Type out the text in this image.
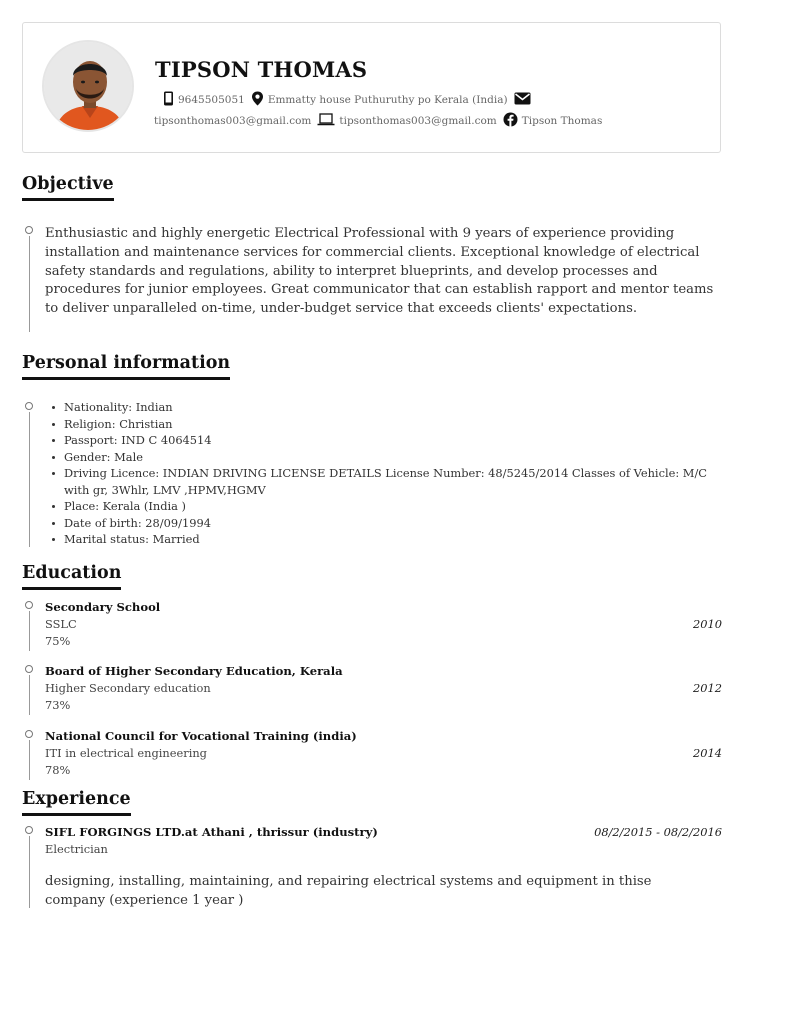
TIPSON THOMAS
9645505051 Emmatty house Puthuruthy po Kerala (India)
tipsonthomas003@gmail.com	tipsonthomas003@gmail.com Tipson Thomas
Objective
Enthusiastic and highly energetic Electrical Professional with 9 years of experience providing installation and maintenance services for commercial clients. Exceptional knowledge of electrical safety standards and regulations, ability to interpret blueprints, and develop processes and procedures for junior employees. Great communicator that can establish rapport and mentor teams to deliver unparalleled on-time, under-budget service that exceeds clients' expectations.
Personal information
Nationality: Indian
Religion: Christian
Passport: IND C 4064514
Gender: Male
Driving Licence: INDIAN DRIVING LICENSE DETAILS License Number: 48/5245/2014 Classes of Vehicle: M/C with gr, 3Whlr, LMV ,HPMV,HGMV
Place: Kerala (India )
Date of birth: 28/09/1994
Marital status: Married
Education
Secondary School
SSLC
75%
2010
Board of Higher Secondary Education, Kerala
Higher Secondary education
73%
2012
National Council for Vocational Training (india)
ITI in electrical engineering
78%
2014
Experience
SIFL FORGINGS LTD.at Athani , thrissur (industry)	08/2/2015 - 08/2/2016
Electrician
designing, installing, maintaining, and repairing electrical systems and equipment in thise company (experience 1 year )
